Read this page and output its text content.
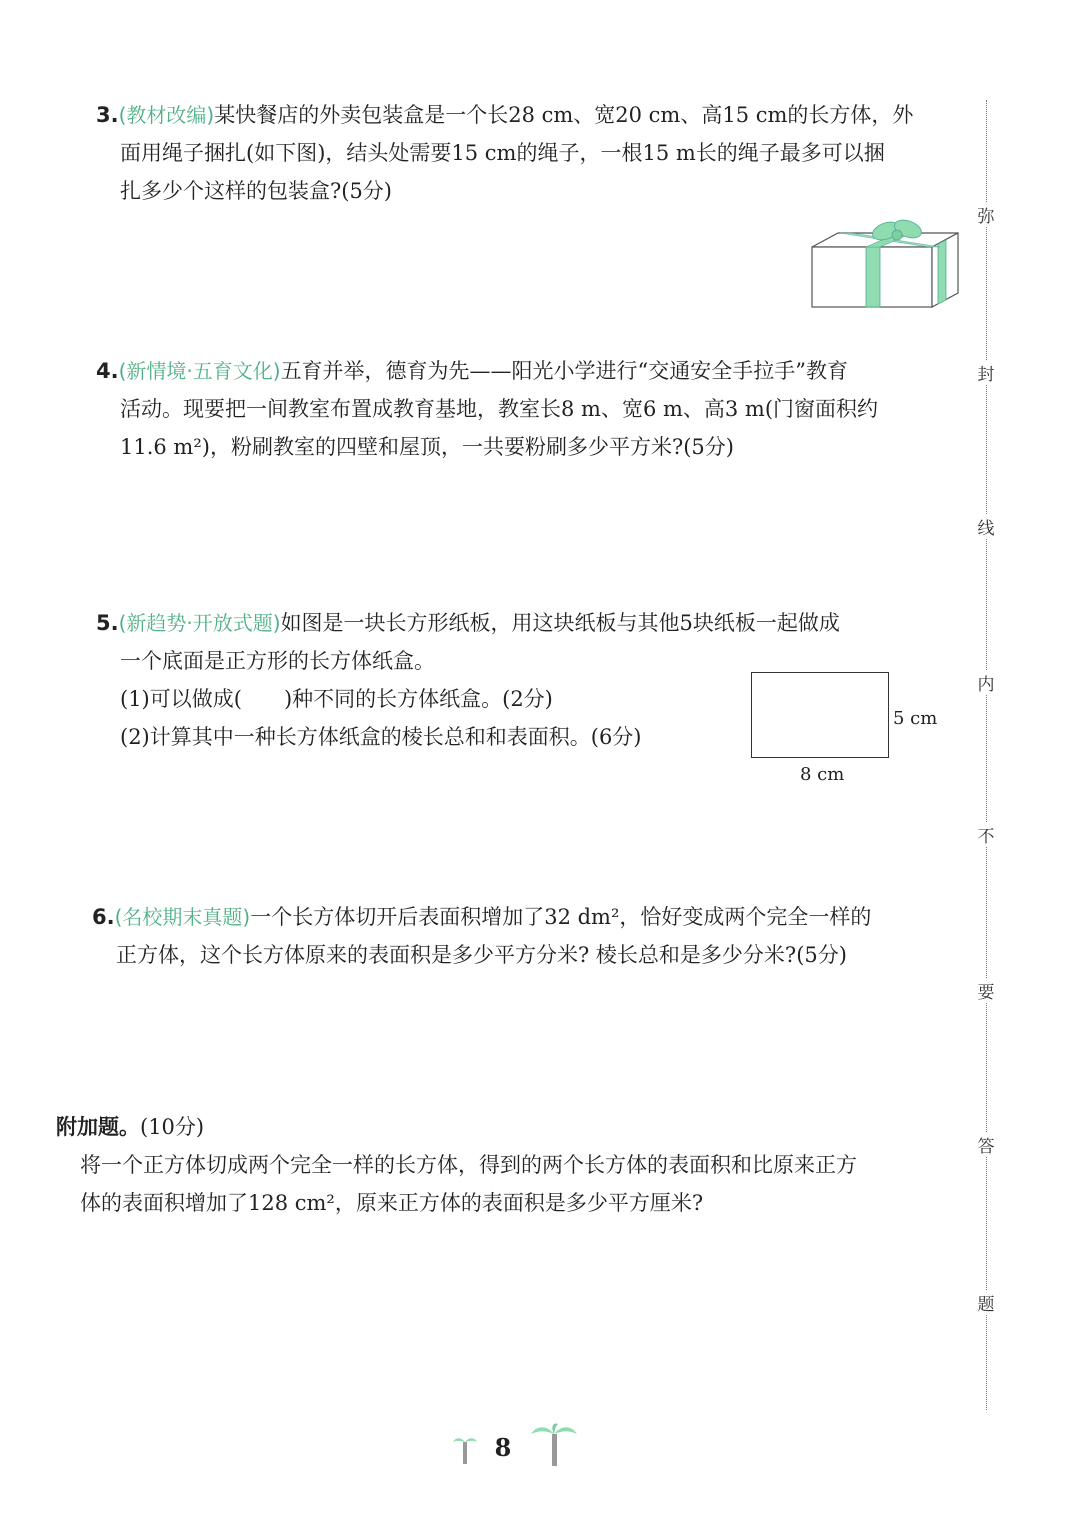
3.(教材改编)某快餐店的外卖包装盒是一个长28 cm、宽20 cm、高15 cm的长方体，外
面用绳子捆扎(如下图)，结头处需要15 cm的绳子，一根15 m长的绳子最多可以捆
扎多少个这样的包装盒?(5分)
4.(新情境·五育文化)五育并举，德育为先——阳光小学进行“交通安全手拉手”教育
活动。现要把一间教室布置成教育基地，教室长8 m、宽6 m、高3 m(门窗面积约
11.6 m²)，粉刷教室的四壁和屋顶，一共要粉刷多少平方米?(5分)
5.(新趋势·开放式题)如图是一块长方形纸板，用这块纸板与其他5块纸板一起做成
一个底面是正方形的长方体纸盒。
(1)可以做成(　　)种不同的长方体纸盒。(2分)
(2)计算其中一种长方体纸盒的棱长总和和表面积。(6分)
5 cm
8 cm
6.(名校期末真题)一个长方体切开后表面积增加了32 dm²，恰好变成两个完全一样的
正方体，这个长方体原来的表面积是多少平方分米? 棱长总和是多少分米?(5分)
附加题。(10分)
将一个正方体切成两个完全一样的长方体，得到的两个长方体的表面积和比原来正方
体的表面积增加了128 cm²，原来正方体的表面积是多少平方厘米?
弥
封
线
内
不
要
答
题
8
